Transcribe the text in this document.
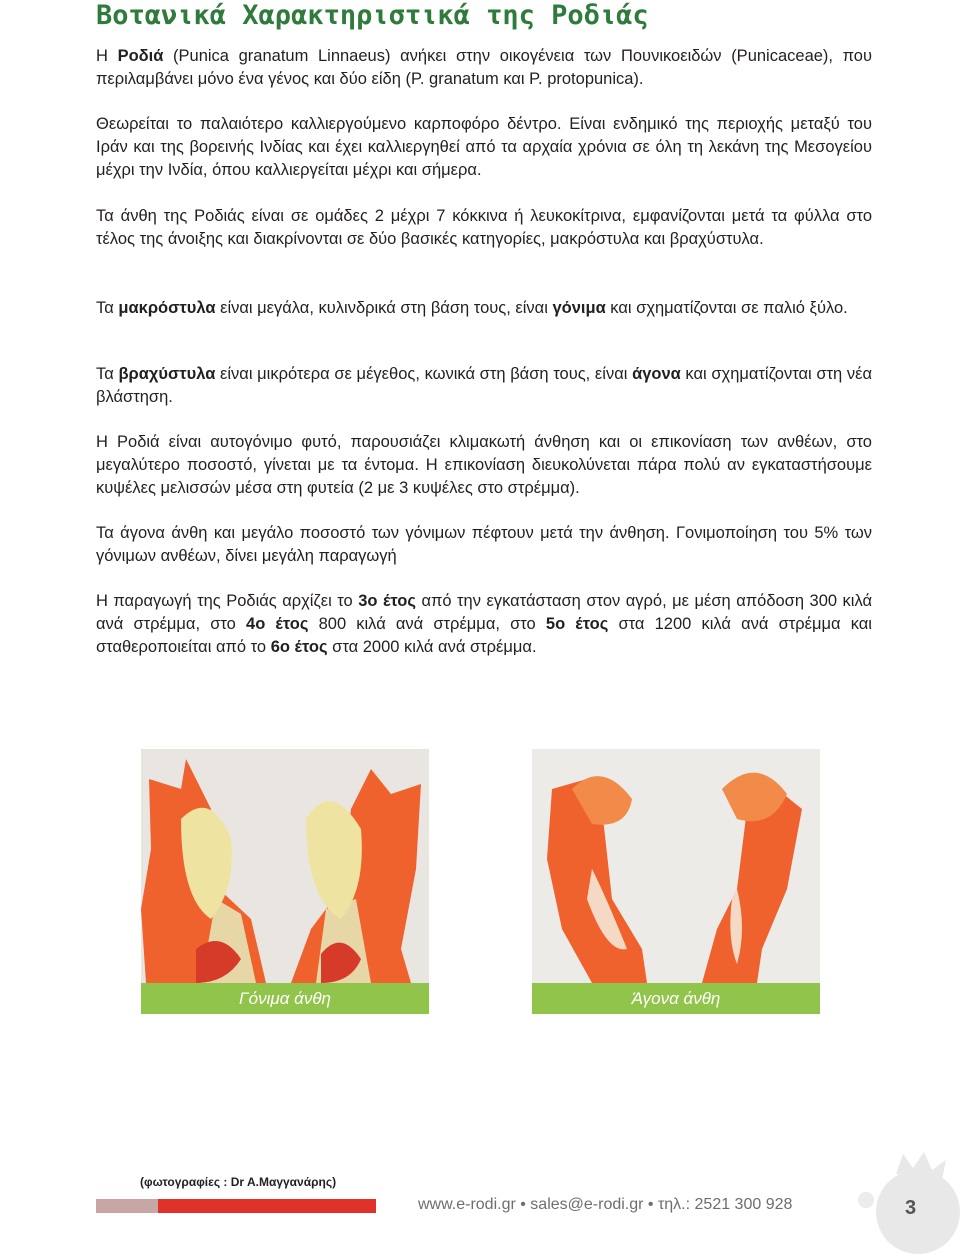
Βοτανικά Χαρακτηριστικά της Ροδιάς

Η Ροδιά (Punica granatum Linnaeus) ανήκει στην οικογένεια των Πουνικοειδών (Punicaceae), που περιλαμβάνει μόνο ένα γένος και δύο είδη (P. granatum και P. protopunica).

Θεωρείται το παλαιότερο καλλιεργούμενο καρποφόρο δέντρο. Είναι ενδημικό της περιοχής μεταξύ του Ιράν και της βορεινής Ινδίας και έχει καλλιεργηθεί από τα αρχαία χρόνια σε όλη τη λεκάνη της Μεσογείου μέχρι την Ινδία, όπου καλλιεργείται μέχρι και σήμερα.

Τα άνθη της Ροδιάς είναι σε ομάδες 2 μέχρι 7 κόκκινα ή λευκοκίτρινα, εμφανίζονται μετά τα φύλλα στο τέλος της άνοιξης και διακρίνονται σε δύο βασικές κατηγορίες, μακρόστυλα και βραχύστυλα.

Τα μακρόστυλα είναι μεγάλα, κυλινδρικά στη βάση τους, είναι γόνιμα και σχηματίζονται σε παλιό ξύλο.

Τα βραχύστυλα είναι μικρότερα σε μέγεθος, κωνικά στη βάση τους, είναι άγονα και σχηματίζονται στη νέα βλάστηση.

Η Ροδιά είναι αυτογόνιμο φυτό, παρουσιάζει κλιμακωτή άνθηση και οι επικονίαση των ανθέων, στο μεγαλύτερο ποσοστό, γίνεται με τα έντομα. Η επικονίαση διευκολύνεται πάρα πολύ αν εγκαταστήσουμε κυψέλες μελισσών μέσα στη φυτεία (2 με 3 κυψέλες στο στρέμμα).

Τα άγονα άνθη και μεγάλο ποσοστό των γόνιμων πέφτουν μετά την άνθηση. Γονιμοποίηση του 5% των γόνιμων ανθέων, δίνει μεγάλη παραγωγή

Η παραγωγή της Ροδιάς αρχίζει το 3ο έτος από την εγκατάσταση στον αγρό, με μέση απόδοση 300 κιλά ανά στρέμμα, στο 4ο έτος 800 κιλά ανά στρέμμα, στο 5ο έτος στα 1200 κιλά ανά στρέμμα και σταθεροποιείται από το 6ο έτος στα 2000 κιλά ανά στρέμμα.

Γόνιμα άνθη	Άγονα άνθη
(φωτογραφίες : Dr A.Μαγγανάρης)
www.e-rodi.gr • sales@e-rodi.gr • τηλ.: 2521 300 928	3
